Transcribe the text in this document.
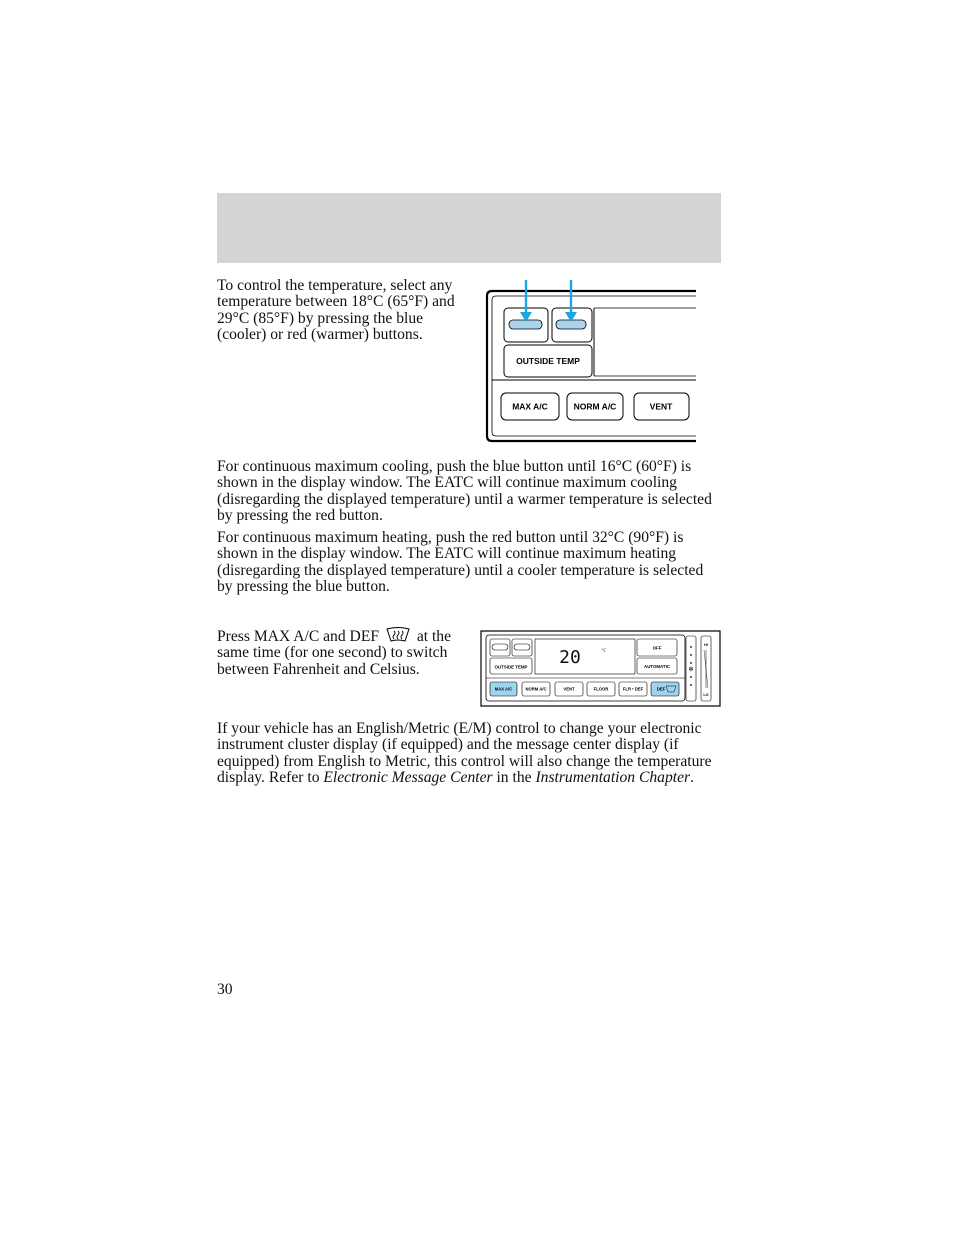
To control the temperature, select any temperature between 18°C (65°F) and 29°C (85°F) by pressing the blue (cooler) or red (warmer) buttons.

OUTSIDE TEMP
MAX A/C	NORM A/C	VENT

For continuous maximum cooling, push the blue button until 16°C (60°F) is shown in the display window. The EATC will continue maximum cooling (disregarding the displayed temperature) until a warmer temperature is selected by pressing the red button.

For continuous maximum heating, push the red button until 32°C (90°F) is shown in the display window. The EATC will continue maximum heating (disregarding the displayed temperature) until a cooler temperature is selected by pressing the blue button.

Press MAX A/C and DEF  at the same time (for one second) to switch between Fahrenheit and Celsius.	OUTSIDE TEMP 20	°C	OFF
AUTOMATIC
MAX A/C	NORM A/C	VENT	FLOOR	FLR • DEF	DEF
✻
HI
LO

If your vehicle has an English/Metric (E/M) control to change your electronic instrument cluster display (if equipped) and the message center display (if equipped) from English to Metric, this control will also change the temperature display. Refer to Electronic Message Center in the Instrumentation Chapter.

30
